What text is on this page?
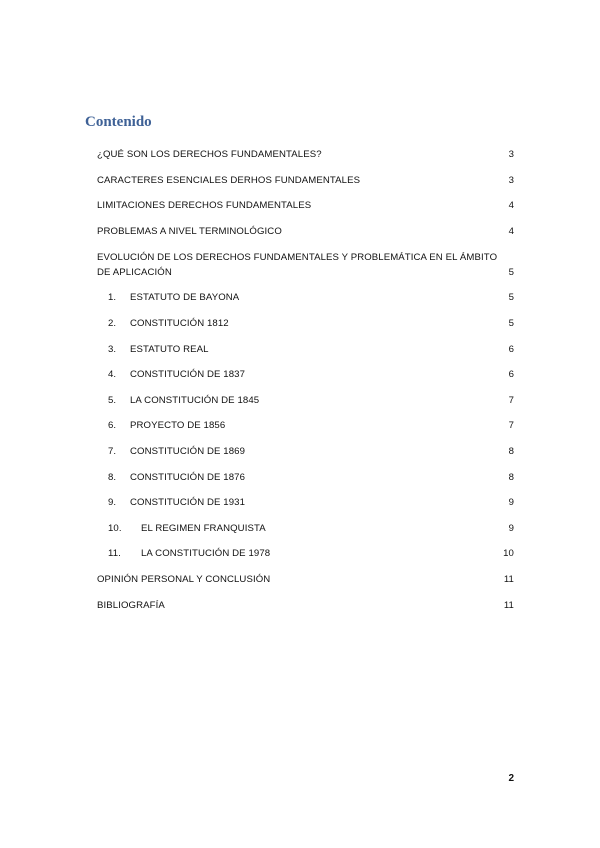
Contenido
¿QUÉ SON LOS DERECHOS FUNDAMENTALES?	3
CARACTERES ESENCIALES DERHOS FUNDAMENTALES	3
LIMITACIONES DERECHOS FUNDAMENTALES	4
PROBLEMAS A NIVEL TERMINOLÓGICO	4
EVOLUCIÓN DE LOS DERECHOS FUNDAMENTALES Y PROBLEMÁTICA EN EL ÁMBITO DE APLICACIÓN	5
1. ESTATUTO DE BAYONA	5
2. CONSTITUCIÓN 1812	5
3. ESTATUTO REAL	6
4. CONSTITUCIÓN DE 1837	6
5. LA CONSTITUCIÓN DE 1845	7
6. PROYECTO DE 1856	7
7. CONSTITUCIÓN DE 1869	8
8. CONSTITUCIÓN DE 1876	8
9. CONSTITUCIÓN DE 1931	9
10. EL REGIMEN FRANQUISTA	9
11. LA CONSTITUCIÓN DE 1978	10
OPINIÓN PERSONAL Y CONCLUSIÓN	11
BIBLIOGRAFÍA	11
2
